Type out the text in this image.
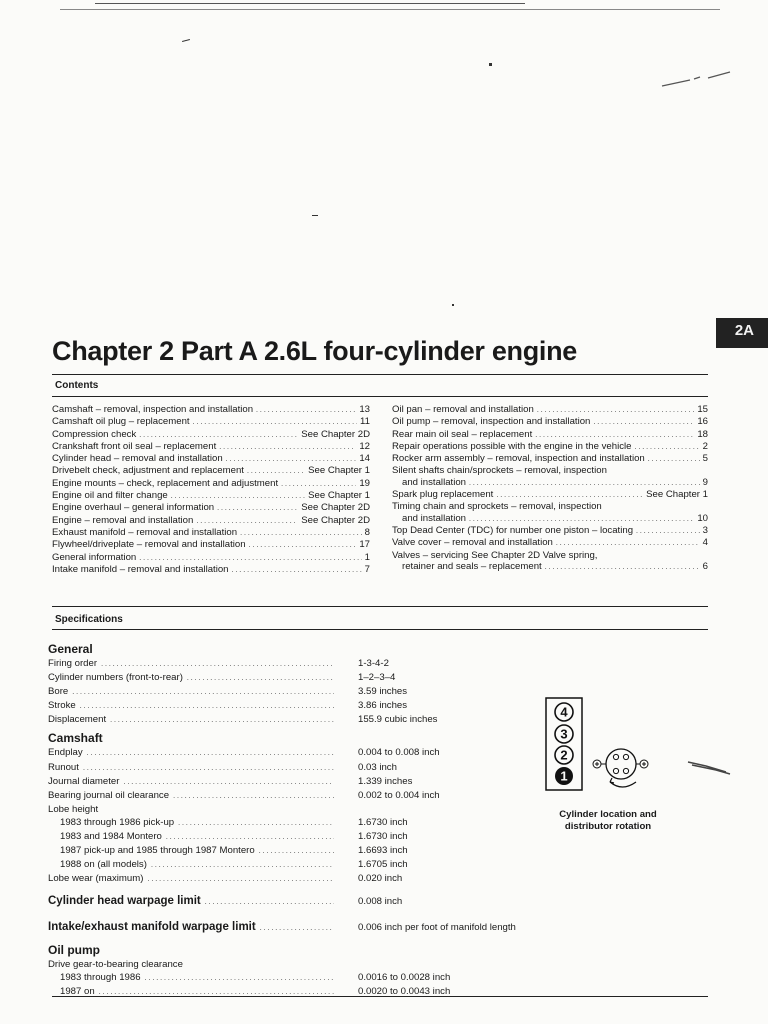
2A
Chapter 2 Part A 2.6L four-cylinder engine
Contents
Camshaft – removal, inspection and installation . . .	13
Camshaft oil plug – replacement . . .	11
Compression check . . .	See Chapter 2D
Crankshaft front oil seal – replacement . . .	12
Cylinder head – removal and installation . . .	14
Drivebelt check, adjustment and replacement . . .	See Chapter 1
Engine mounts – check, replacement and adjustment . . .	19
Engine oil and filter change . . .	See Chapter 1
Engine overhaul – general information . . .	See Chapter 2D
Engine – removal and installation . . .	See Chapter 2D
Exhaust manifold – removal and installation . . .	8
Flywheel/driveplate – removal and installation . . .	17
General information . . .	1
Intake manifold – removal and installation . . .	7
Oil pan – removal and installation . . .	15
Oil pump – removal, inspection and installation . . .	16
Rear main oil seal – replacement . . .	18
Repair operations possible with the engine in the vehicle . . .	2
Rocker arm assembly – removal, inspection and installation . . .	5
Silent shafts chain/sprockets – removal, inspection
and installation . . .	9
Spark plug replacement . . .	See Chapter 1
Timing chain and sprockets – removal, inspection
and installation . . .	10
Top Dead Center (TDC) for number one piston – locating . . .	3
Valve cover – removal and installation . . .	4
Valves – servicing See Chapter 2D Valve spring,
retainer and seals – replacement . . .	6
Specifications
General
Firing order . . .	1-3-4-2
Cylinder numbers (front-to-rear) . . .	1–2–3–4
Bore . . .	3.59 inches
Stroke . . .	3.86 inches
Displacement . . .	155.9 cubic inches
Camshaft
Endplay . . .	0.004 to 0.008 inch
Runout . . .	0.03 inch
Journal diameter . . .	1.339 inches
Bearing journal oil clearance . . .	0.002 to 0.004 inch
Lobe height
1983 through 1986 pick-up . . .	1.6730 inch
1983 and 1984 Montero . . .	1.6730 inch
1987 pick-up and 1985 through 1987 Montero . . .	1.6693 inch
1988 on (all models) . . .	1.6705 inch
Lobe wear (maximum) . . .	0.020 inch
Cylinder head warpage limit . . .	0.008 inch
Intake/exhaust manifold warpage limit . . .	0.006 inch per foot of manifold length
Oil pump
Drive gear-to-bearing clearance
1983 through 1986 . . .	0.0016 to 0.0028 inch
1987 on . . .	0.0020 to 0.0043 inch
4
3
2
1
Cylinder location and
distributor rotation
